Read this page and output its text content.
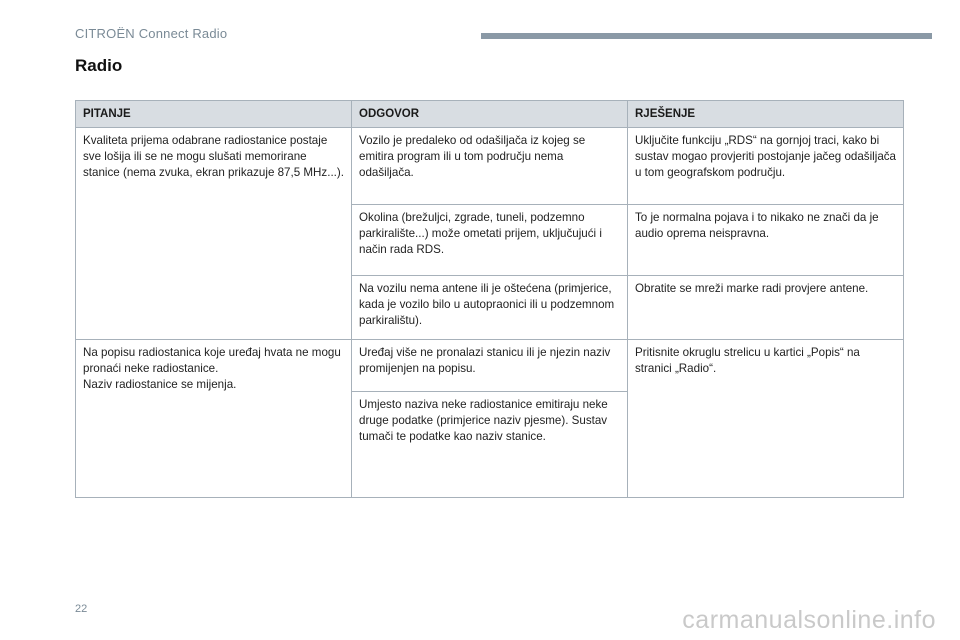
CITROËN Connect Radio
Radio
PITANJE	ODGOVOR	RJEŠENJE
Kvaliteta prijema odabrane radiostanice postaje sve lošija ili se ne mogu slušati memorirane stanice (nema zvuka, ekran prikazuje 87,5 MHz...).	Vozilo je predaleko od odašiljača iz kojeg se emitira program ili u tom području nema odašiljača.	Uključite funkciju „RDS“ na gornjoj traci, kako bi sustav mogao provjeriti postojanje jačeg odašiljača u tom geografskom području.
	Okolina (brežuljci, zgrade, tuneli, podzemno parkiralište...) može ometati prijem, uključujući i način rada RDS.	To je normalna pojava i to nikako ne znači da je audio oprema neispravna.
	Na vozilu nema antene ili je oštećena (primjerice, kada je vozilo bilo u autopraonici ili u podzemnom parkiralištu).	Obratite se mreži marke radi provjere antene.

Na popisu radiostanica koje uređaj hvata ne mogu pronaći neke radiostanice.
Naziv radiostanice se mijenja.	Uređaj više ne pronalazi stanicu ili je njezin naziv promijenjen na popisu.	Pritisnite okruglu strelicu u kartici „Popis“ na stranici „Radio“.
	Umjesto naziva neke radiostanice emitiraju neke druge podatke (primjerice naziv pjesme). Sustav tumači te podatke kao naziv stanice.	
22	carmanualsonline.info
